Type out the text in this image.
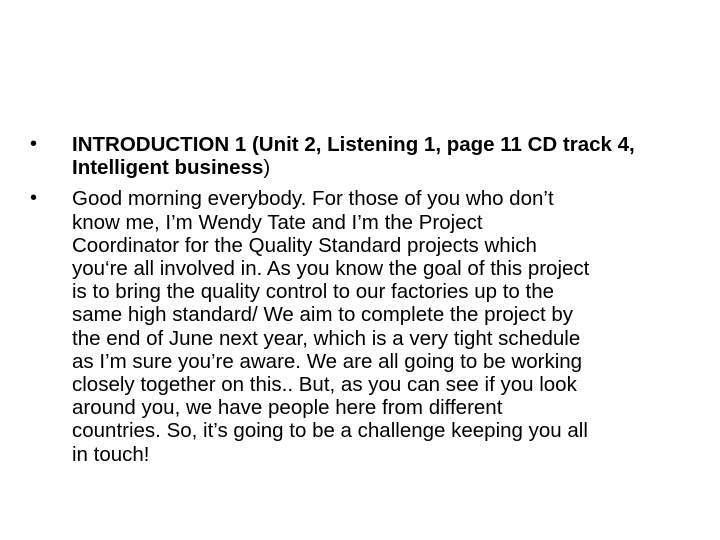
• INTRODUCTION 1 (Unit 2, Listening 1, page 11 CD track 4, Intelligent business)
• Good morning everybody. For those of you who don’t
know me, I’m Wendy Tate and I’m the Project
Coordinator for the Quality Standard projects which
you‘re all involved in. As you know the goal of this project
is to bring the quality control to our factories up to the
same high standard/ We aim to complete the project by
the end of June next year, which is a very tight schedule
as I’m sure you’re aware. We are all going to be working
closely together on this.. But, as you can see if you look
around you, we have people here from different
countries. So, it’s going to be a challenge keeping you all
in touch!
